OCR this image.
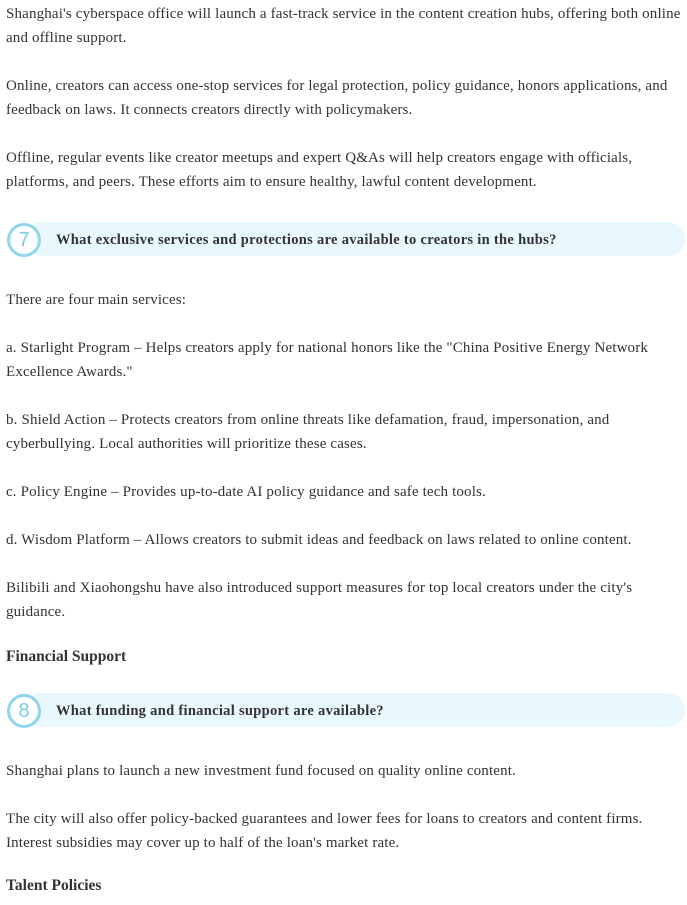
Shanghai's cyberspace office will launch a fast-track service in the content creation hubs, offering both online and offline support.

Online, creators can access one-stop services for legal protection, policy guidance, honors applications, and feedback on laws. It connects creators directly with policymakers.

Offline, regular events like creator meetups and expert Q&As will help creators engage with officials, platforms, and peers. These efforts aim to ensure healthy, lawful content development.

7	What exclusive services and protections are available to creators in the hubs?

There are four main services:

a. Starlight Program – Helps creators apply for national honors like the "China Positive Energy Network Excellence Awards."

b. Shield Action – Protects creators from online threats like defamation, fraud, impersonation, and cyberbullying. Local authorities will prioritize these cases.

c. Policy Engine – Provides up-to-date AI policy guidance and safe tech tools.

d. Wisdom Platform – Allows creators to submit ideas and feedback on laws related to online content.

Bilibili and Xiaohongshu have also introduced support measures for top local creators under the city's guidance.

Financial Support

8	What funding and financial support are available?

Shanghai plans to launch a new investment fund focused on quality online content.

The city will also offer policy-backed guarantees and lower fees for loans to creators and content firms. Interest subsidies may cover up to half of the loan's market rate.

Talent Policies
